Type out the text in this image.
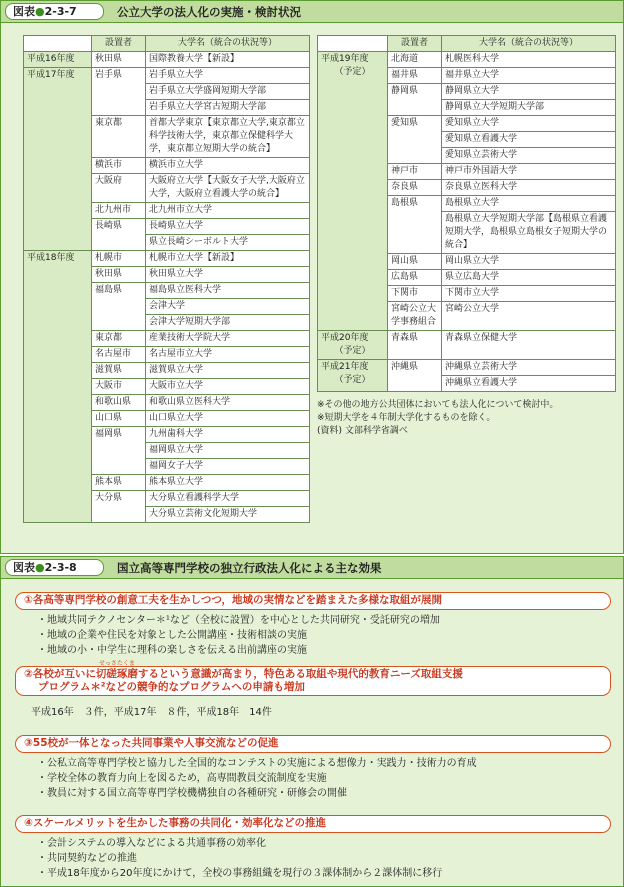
図表●2-3-7	公立大学の法人化の実施・検討状況
	設置者	大学名（統合の状況等）

平成16年度	秋田県	国際教養大学【新設】

平成17年度	岩手県	岩手県立大学
		岩手県立大学盛岡短期大学部
		岩手県立大学宮古短期大学部
	東京都	首都大学東京【東京都立大学,東京都立科学技術大学，東京都立保健科学大学，東京都立短期大学の統合】
	横浜市	横浜市立大学
	大阪府	大阪府立大学【大阪女子大学,大阪府立大学，大阪府立看護大学の統合】
	北九州市	北九州市立大学
	長崎県	長崎県立大学
		県立長崎シーボルト大学

平成18年度	札幌市	札幌市立大学【新設】
	秋田県	秋田県立大学
	福島県	福島県立医科大学
		会津大学
		会津大学短期大学部
	東京都	産業技術大学院大学
	名古屋市	名古屋市立大学
	滋賀県	滋賀県立大学
	大阪市	大阪市立大学
	和歌山県	和歌山県立医科大学
	山口県	山口県立大学
	福岡県	九州歯科大学
		福岡県立大学
		福岡女子大学
	熊本県	熊本県立大学
	大分県	大分県立看護科学大学
		大分県立芸術文化短期大学
	設置者	大学名（統合の状況等）

平成19年度
（予定）	北海道	札幌医科大学
	福井県	福井県立大学
	静岡県	静岡県立大学
		静岡県立大学短期大学部
	愛知県	愛知県立大学
		愛知県立看護大学
		愛知県立芸術大学
	神戸市	神戸市外国語大学
	奈良県	奈良県立医科大学
	島根県	島根県立大学
		島根県立大学短期大学部【島根県立看護短期大学，島根県立島根女子短期大学の統合】
	岡山県	岡山県立大学
	広島県	県立広島大学
	下関市	下関市立大学
	宮崎公立大学事務組合	宮崎公立大学

平成20年度
（予定）	青森県	青森県立保健大学

平成21年度
（予定）	沖縄県	沖縄県立芸術大学
		沖縄県立看護大学
※その他の地方公共団体においても法人化について検討中。
※短期大学を４年制大学化するものを除く。
(資料) 文部科学省調べ
図表●2-3-8	国立高等専門学校の独立行政法人化による主な効果
①各高等専門学校の創意工夫を生かしつつ，地域の実情などを踏まえた多様な取組が展開
・ 地域共同テクノセンター＊¹など（全校に設置）を中心とした共同研究・受託研究の増加
・ 地域の企業や住民を対象とした公開講座・技術相談の実施
・ 地域の小・中学生に理科の楽しさを伝える出前講座の実施
②各校が互いに
せっさたくま
切磋琢磨するという意識が高まり，特色ある取組や現代的教育ニーズ取組支援
プログラム＊²などの競争的なプログラムへの申請も増加
平成16年　３件，平成17年　８件，平成18年　14件
③55校が一体となった共同事業や人事交流などの促進
・ 公私立高等専門学校と協力した全国的なコンテストの実施による想像力・実践力・技術力の育成
・ 学校全体の教育力向上を図るため，高専間教員交流制度を実施
・ 教員に対する国立高等専門学校機構独自の各種研究・研修会の開催
④スケールメリットを生かした事務の共同化・効率化などの推進
・ 会計システムの導入などによる共通事務の効率化
・ 共同契約などの推進
・ 平成18年度から20年度にかけて，全校の事務組織を現行の３課体制から２課体制に移行
